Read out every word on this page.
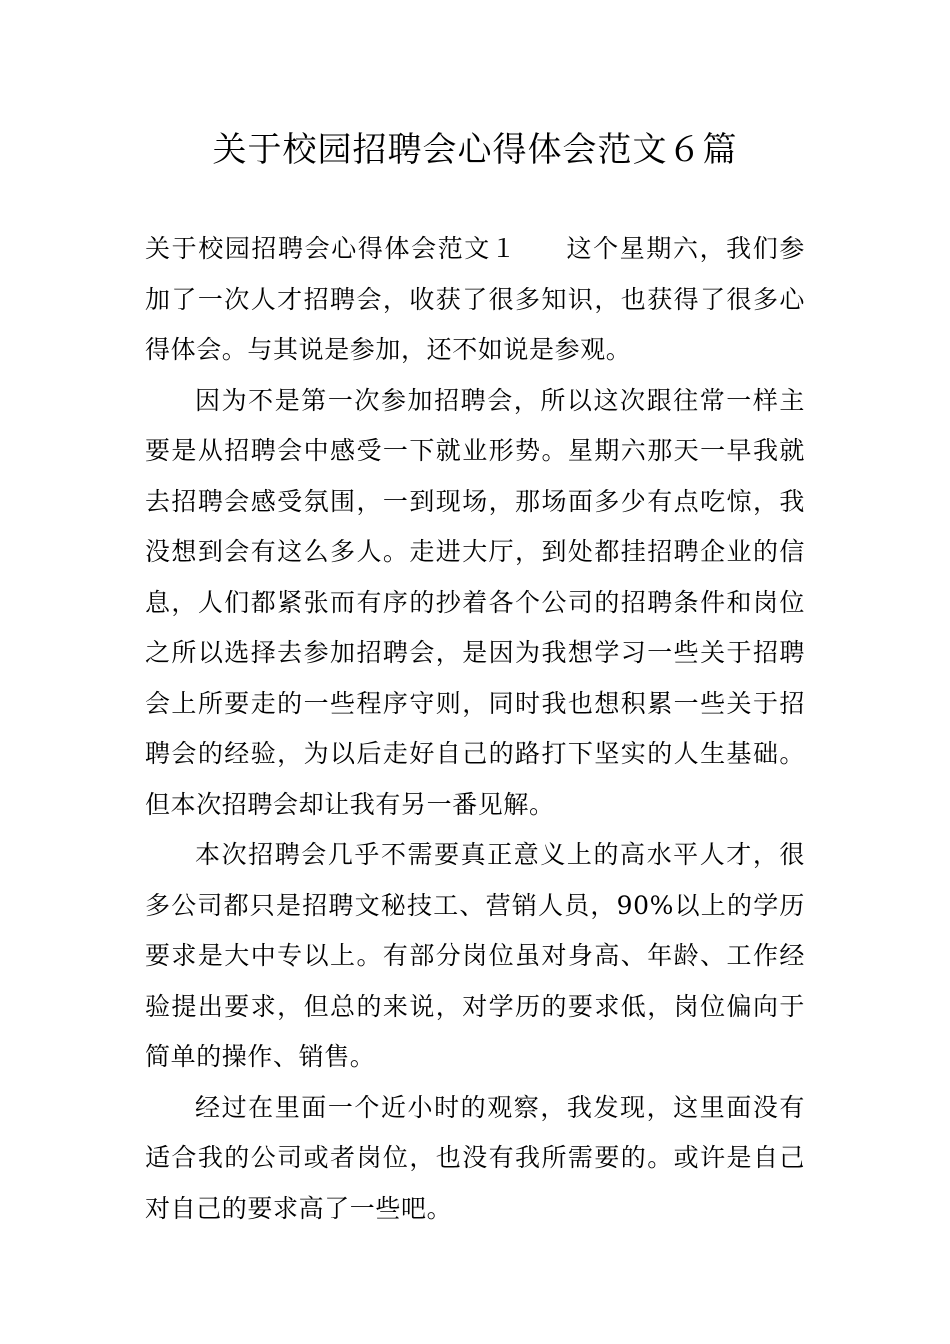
关于校园招聘会心得体会范文６篇

关于校园招聘会心得体会范文１ 这个星期六，我们参加了一次人才招聘会，收获了很多知识，也获得了很多心得体会。与其说是参加，还不如说是参观。

因为不是第一次参加招聘会，所以这次跟往常一样主要是从招聘会中感受一下就业形势。星期六那天一早我就去招聘会感受氛围，一到现场，那场面多少有点吃惊，我没想到会有这么多人。走进大厅，到处都挂招聘企业的信息，人们都紧张而有序的抄着各个公司的招聘条件和岗位之所以选择去参加招聘会，是因为我想学习一些关于招聘会上所要走的一些程序守则，同时我也想积累一些关于招聘会的经验，为以后走好自己的路打下坚实的人生基础。但本次招聘会却让我有另一番见解。

本次招聘会几乎不需要真正意义上的高水平人才，很多公司都只是招聘文秘技工、营销人员，90%以上的学历要求是大中专以上。有部分岗位虽对身高、年龄、工作经验提出要求，但总的来说，对学历的要求低，岗位偏向于简单的操作、销售。

经过在里面一个近小时的观察，我发现，这里面没有适合我的公司或者岗位，也没有我所需要的。或许是自己对自己的要求高了一些吧。
